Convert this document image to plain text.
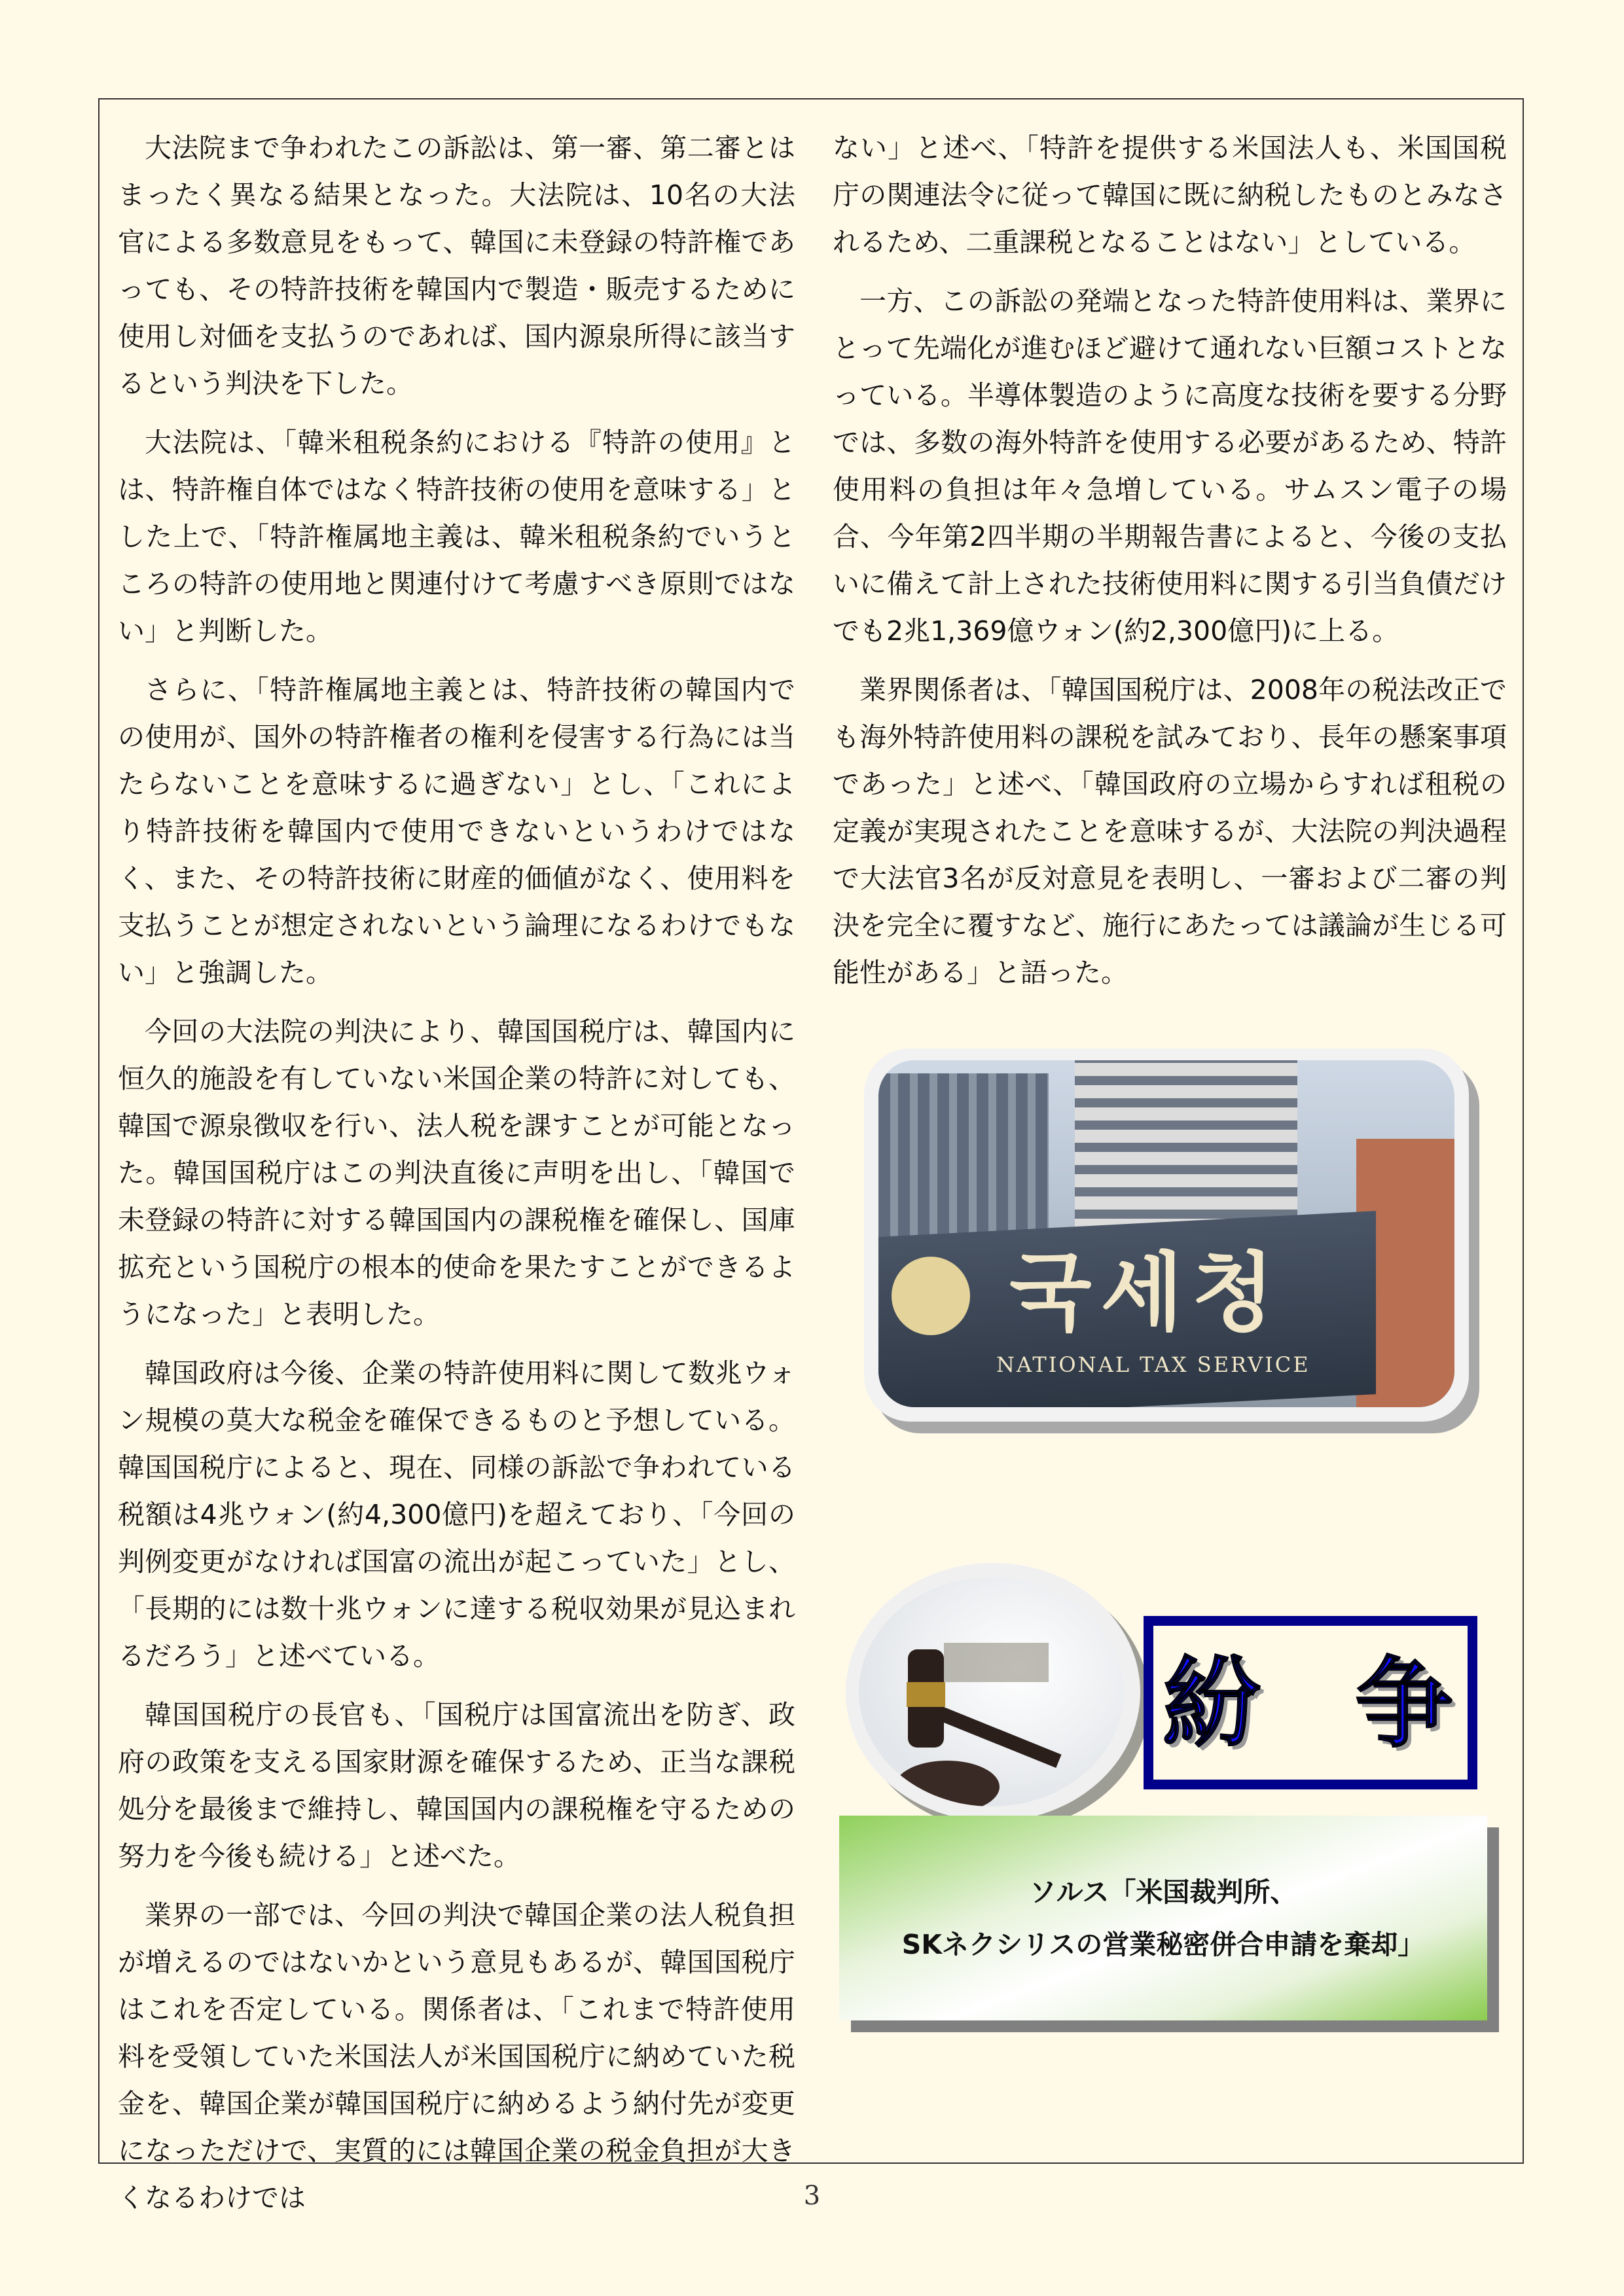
大法院まで争われたこの訴訟は、第一審、第二審とはまったく異なる結果となった。大法院は、10名の大法官による多数意見をもって、韓国に未登録の特許権であっても、その特許技術を韓国内で製造・販売するために使用し対価を支払うのであれば、国内源泉所得に該当するという判決を下した。

大法院は、「韓米租税条約における『特許の使用』とは、特許権自体ではなく特許技術の使用を意味する」とした上で、「特許権属地主義は、韓米租税条約でいうところの特許の使用地と関連付けて考慮すべき原則ではない」と判断した。

さらに、「特許権属地主義とは、特許技術の韓国内での使用が、国外の特許権者の権利を侵害する行為には当たらないことを意味するに過ぎない」とし、「これにより特許技術を韓国内で使用できないというわけではなく、また、その特許技術に財産的価値がなく、使用料を支払うことが想定されないという論理になるわけでもない」と強調した。

今回の大法院の判決により、韓国国税庁は、韓国内に恒久的施設を有していない米国企業の特許に対しても、韓国で源泉徴収を行い、法人税を課すことが可能となった。韓国国税庁はこの判決直後に声明を出し、「韓国で未登録の特許に対する韓国国内の課税権を確保し、国庫拡充という国税庁の根本的使命を果たすことができるようになった」と表明した。

韓国政府は今後、企業の特許使用料に関して数兆ウォン規模の莫大な税金を確保できるものと予想している。韓国国税庁によると、現在、同様の訴訟で争われている税額は4兆ウォン(約4,300億円)を超えており、「今回の判例変更がなければ国富の流出が起こっていた」とし、「長期的には数十兆ウォンに達する税収効果が見込まれるだろう」と述べている。

韓国国税庁の長官も、「国税庁は国富流出を防ぎ、政府の政策を支える国家財源を確保するため、正当な課税処分を最後まで維持し、韓国国内の課税権を守るための努力を今後も続ける」と述べた。

業界の一部では、今回の判決で韓国企業の法人税負担が増えるのではないかという意見もあるが、韓国国税庁はこれを否定している。関係者は、「これまで特許使用料を受領していた米国法人が米国国税庁に納めていた税金を、韓国企業が韓国国税庁に納めるよう納付先が変更になっただけで、実質的には韓国企業の税金負担が大きくなるわけでは

ない」と述べ、「特許を提供する米国法人も、米国国税庁の関連法令に従って韓国に既に納税したものとみなされるため、二重課税となることはない」としている。

一方、この訴訟の発端となった特許使用料は、業界にとって先端化が進むほど避けて通れない巨額コストとなっている。半導体製造のように高度な技術を要する分野では、多数の海外特許を使用する必要があるため、特許使用料の負担は年々急増している。サムスン電子の場合、今年第2四半期の半期報告書によると、今後の支払いに備えて計上された技術使用料に関する引当負債だけでも2兆1,369億ウォン(約2,300億円)に上る。

業界関係者は、「韓国国税庁は、2008年の税法改正でも海外特許使用料の課税を試みており、長年の懸案事項であった」と述べ、「韓国政府の立場からすれば租税の定義が実現されたことを意味するが、大法院の判決過程で大法官3名が反対意見を表明し、一審および二審の判決を完全に覆すなど、施行にあたっては議論が生じる可能性がある」と語った。

국세청
NATIONAL TAX SERVICE
紛 争
ソルス「米国裁判所、
SKネクシリスの営業秘密併合申請を棄却」
3
